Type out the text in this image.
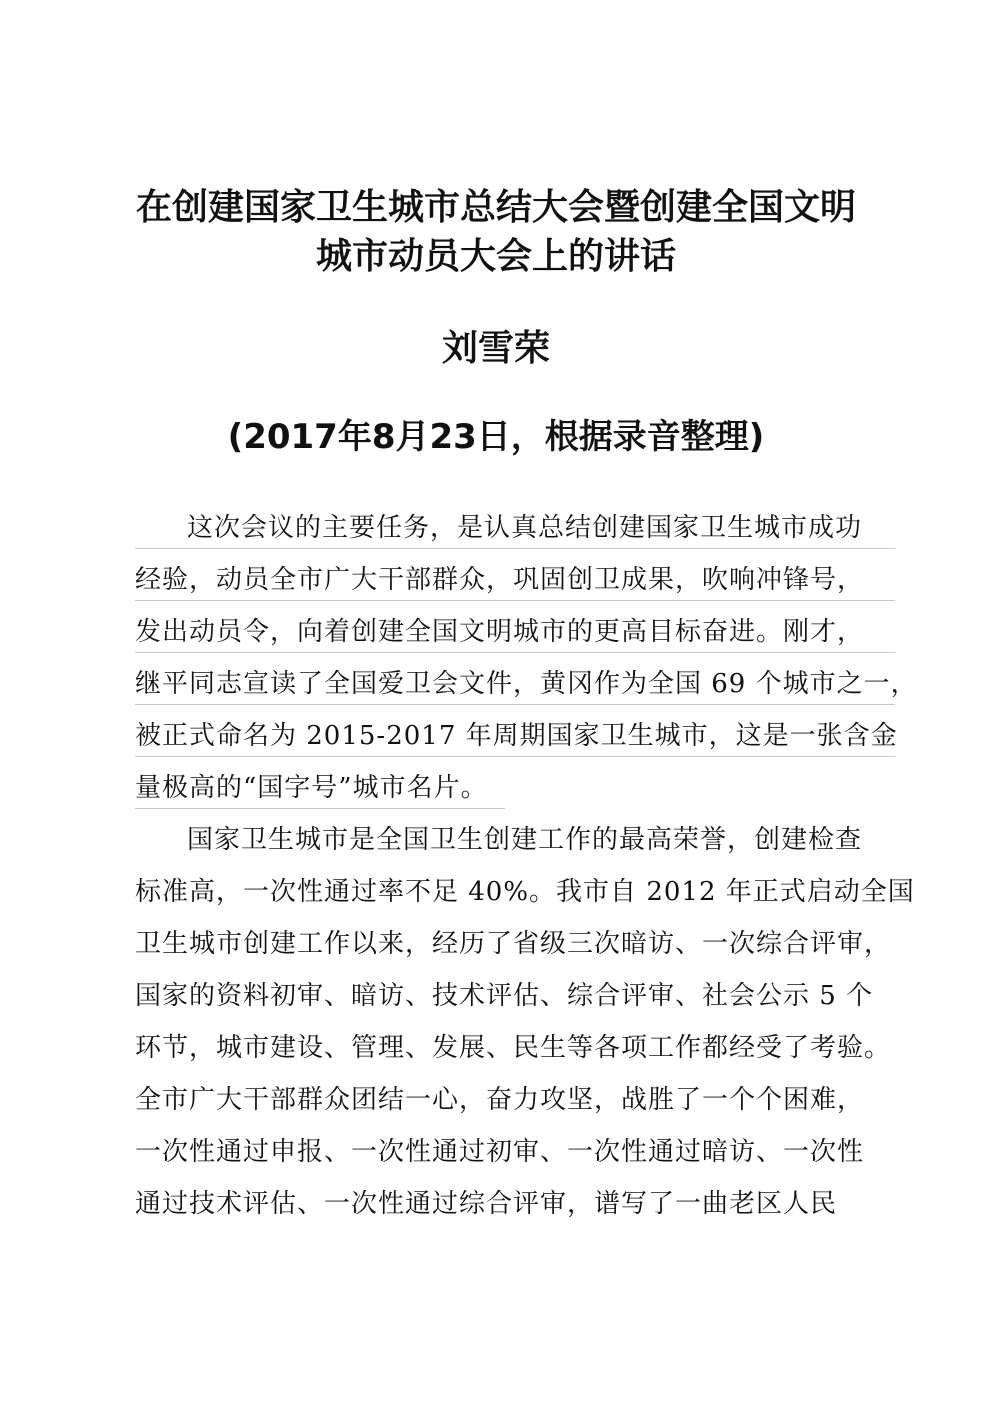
在创建国家卫生城市总结大会暨创建全国文明
城市动员大会上的讲话
刘雪荣
(2017年8月23日，根据录音整理)
这次会议的主要任务，是认真总结创建国家卫生城市成功
经验，动员全市广大干部群众，巩固创卫成果，吹响冲锋号，
发出动员令，向着创建全国文明城市的更高目标奋进。刚才，
继平同志宣读了全国爱卫会文件，黄冈作为全国 69 个城市之一，
被正式命名为 2015-2017 年周期国家卫生城市，这是一张含金
量极高的“国字号”城市名片。
国家卫生城市是全国卫生创建工作的最高荣誉，创建检查
标准高，一次性通过率不足 40%。我市自 2012 年正式启动全国
卫生城市创建工作以来，经历了省级三次暗访、一次综合评审，
国家的资料初审、暗访、技术评估、综合评审、社会公示 5 个
环节，城市建设、管理、发展、民生等各项工作都经受了考验。
全市广大干部群众团结一心，奋力攻坚，战胜了一个个困难，
一次性通过申报、一次性通过初审、一次性通过暗访、一次性
通过技术评估、一次性通过综合评审，谱写了一曲老区人民
